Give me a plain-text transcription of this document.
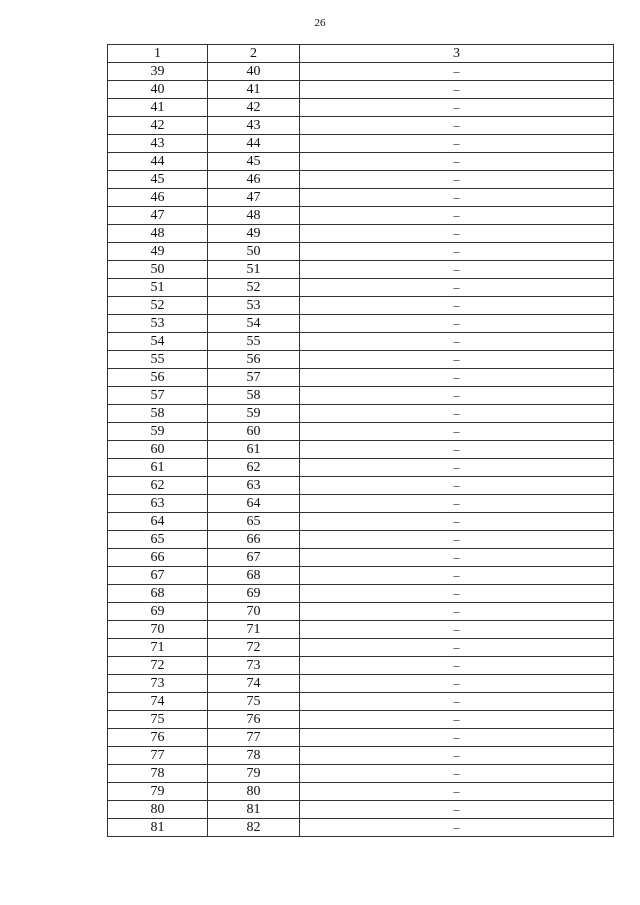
26
1	2	3
39	40	–
40	41	–
41	42	–
42	43	–
43	44	–
44	45	–
45	46	–
46	47	–
47	48	–
48	49	–
49	50	–
50	51	–
51	52	–
52	53	–
53	54	–
54	55	–
55	56	–
56	57	–
57	58	–
58	59	–
59	60	–
60	61	–
61	62	–
62	63	–
63	64	–
64	65	–
65	66	–
66	67	–
67	68	–
68	69	–
69	70	–
70	71	–
71	72	–
72	73	–
73	74	–
74	75	–
75	76	–
76	77	–
77	78	–
78	79	–
79	80	–
80	81	–
81	82	–
